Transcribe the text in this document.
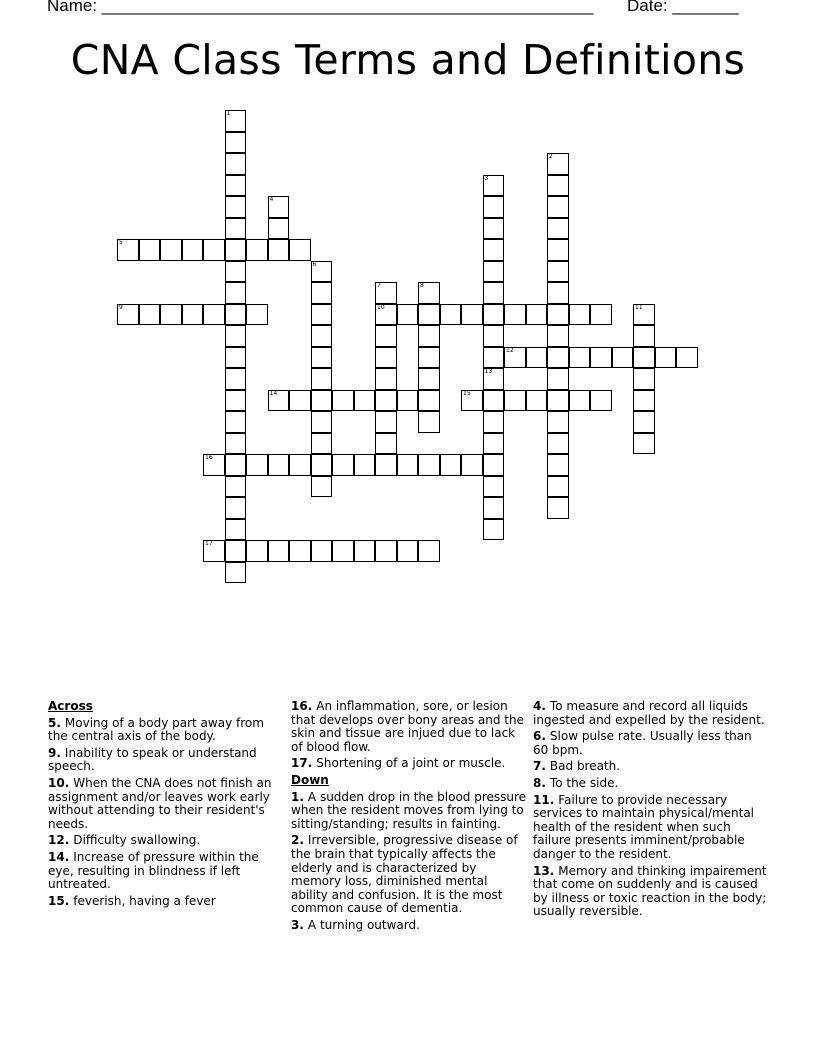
Name: ____________________________________________________ Date: _______
CNA Class Terms and Definitions
1
2
3
13
4
5
6
7
10
8
9	11
12
14	15
16
17

Across

5. Moving of a body part away from the central axis of the body.

9. Inability to speak or understand speech.

10. When the CNA does not finish an assignment and/or leaves work early without attending to their resident's needs.

12. Difficulty swallowing.

14. Increase of pressure within the eye, resulting in blindness if left untreated.

15. feverish, having a fever

16. An inflammation, sore, or lesion that develops over bony areas and the skin and tissue are injued due to lack of blood flow.

17. Shortening of a joint or muscle.

Down

1. A sudden drop in the blood pressure when the resident moves from lying to sitting/standing; results in fainting.

2. Irreversible, progressive disease of the brain that typically affects the elderly and is characterized by memory loss, diminished mental ability and confusion. It is the most common cause of dementia.

3. A turning outward.

4. To measure and record all liquids ingested and expelled by the resident.

6. Slow pulse rate. Usually less than 60 bpm.

7. Bad breath.

8. To the side.

11. Failure to provide necessary services to maintain physical/mental health of the resident when such failure presents imminent/probable danger to the resident.

13. Memory and thinking impairement that come on suddenly and is caused by illness or toxic reaction in the body; usually reversible.
